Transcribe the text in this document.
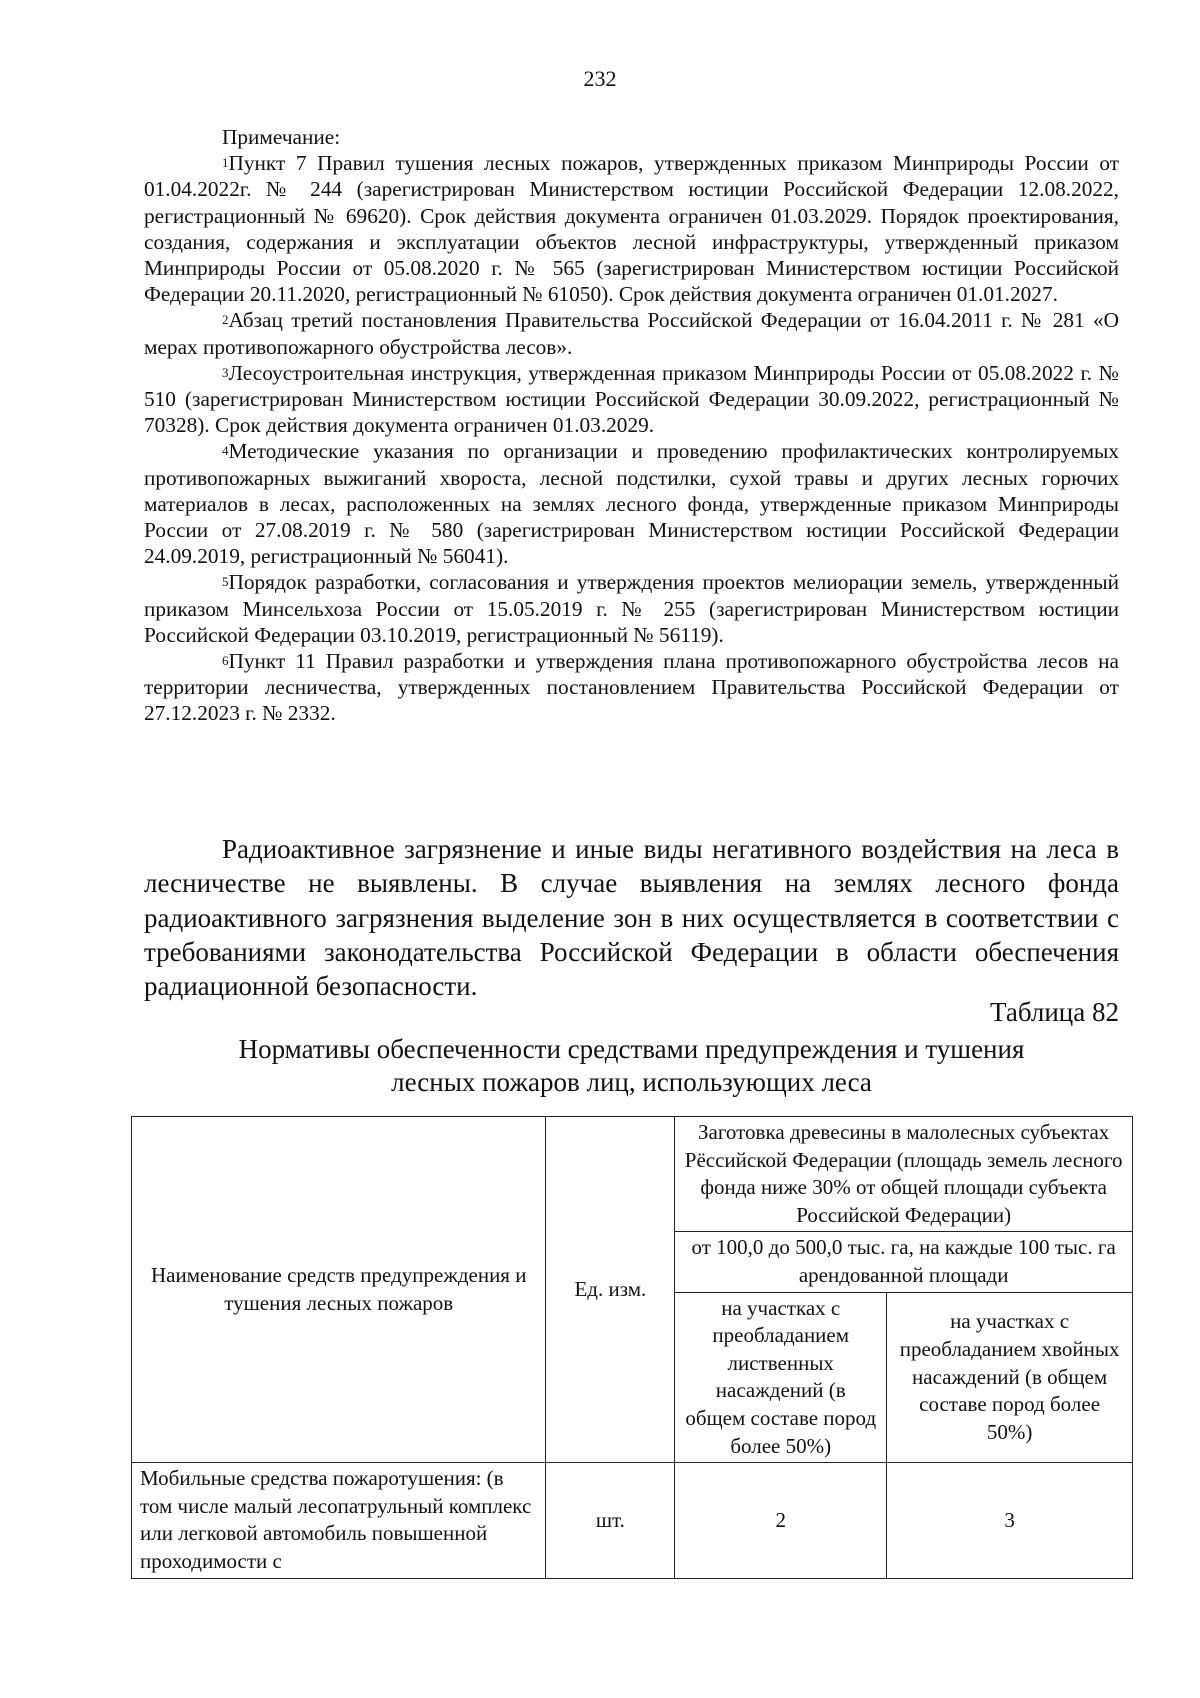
232

Примечание:

$^1$Пункт 7 Правил тушения лесных пожаров, утвержденных приказом Минприроды России от 01.04.2022г. № 244 (зарегистрирован Министерством юстиции Российской Федерации 12.08.2022, регистрационный № 69620). Срок действия документа ограничен 01.03.2029. Порядок проектирования, создания, содержания и эксплуатации объектов лесной инфраструктуры, утвержденный приказом Минприроды России от 05.08.2020 г. № 565 (зарегистрирован Министерством юстиции Российской Федерации 20.11.2020, регистрационный № 61050). Срок действия документа ограничен 01.01.2027.

$^2$Абзац третий постановления Правительства Российской Федерации от 16.04.2011 г. № 281 «О мерах противопожарного обустройства лесов».

$^3$Лесоустроительная инструкция, утвержденная приказом Минприроды России от 05.08.2022 г. № 510 (зарегистрирован Министерством юстиции Российской Федерации 30.09.2022, регистрационный № 70328). Срок действия документа ограничен 01.03.2029.

$^4$Методические указания по организации и проведению профилактических контролируемых противопожарных выжиганий хвороста, лесной подстилки, сухой травы и других лесных горючих материалов в лесах, расположенных на землях лесного фонда, утвержденные приказом Минприроды России от 27.08.2019 г. № 580 (зарегистрирован Министерством юстиции Российской Федерации 24.09.2019, регистрационный № 56041).

$^5$Порядок разработки, согласования и утверждения проектов мелиорации земель, утвержденный приказом Минсельхоза России от 15.05.2019 г. № 255 (зарегистрирован Министерством юстиции Российской Федерации 03.10.2019, регистрационный № 56119).

$^6$Пункт 11 Правил разработки и утверждения плана противопожарного обустройства лесов на территории лесничества, утвержденных постановлением Правительства Российской Федерации от 27.12.2023 г. № 2332.

Радиоактивное загрязнение и иные виды негативного воздействия на леса в лесничестве не выявлены. В случае выявления на землях лесного фонда радиоактивного загрязнения выделение зон в них осуществляется в соответствии с требованиями законодательства Российской Федерации в области обеспечения радиационной безопасности.

Таблица 82
Нормативы обеспеченности средствами предупреждения и тушения
лесных пожаров лиц, использующих леса
Наименование средств предупреждения и тушения лесных пожаров	Ед. изм.	Заготовка древесины в малолесных субъектах Рёссийской Федерации (площадь земель лесного фонда ниже 30% от общей площади субъекта Российской Федерации)	
		от 100,0 до 500,0 тыс. га, на каждые 100 тыс. га арендованной площади	
		на участках с преобладанием лиственных насаждений (в общем составе пород более 50%)	на участках с преобладанием хвойных насаждений (в общем составе пород более 50%)
Мобильные средства пожаротушения: (в том числе малый лесопатрульный комплекс или легковой автомобиль повышенной проходимости с	шт.	2	3
